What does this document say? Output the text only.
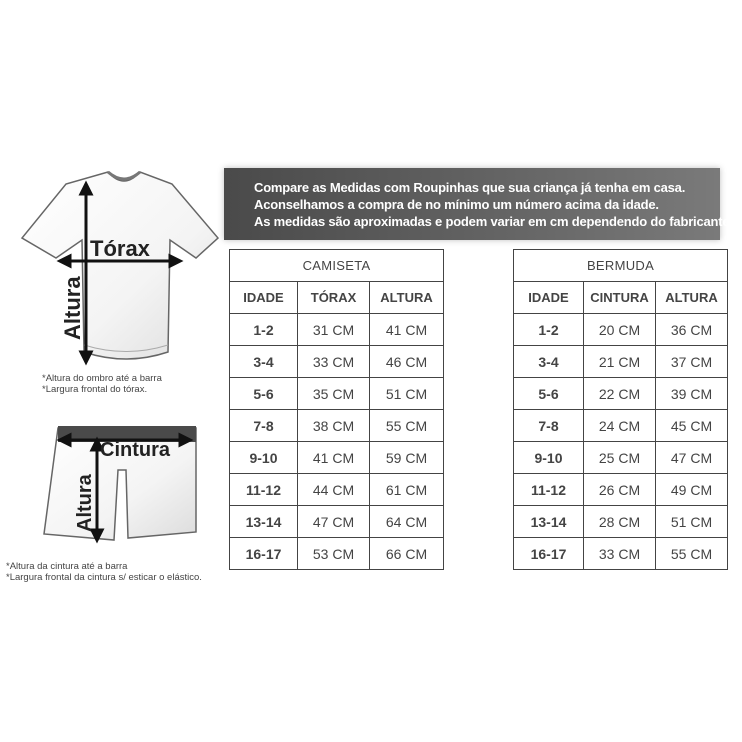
Tórax
Altura
*Altura do ombro até a barra
*Largura frontal do tórax.
Cintura
Altura
*Altura da cintura até a barra
*Largura frontal da cintura s/ esticar o elástico.

Compare as Medidas com Roupinhas que sua criança já tenha em casa.

Aconselhamos a compra de no mínimo um número acima da idade.

As medidas são aproximadas e podem variar em cm dependendo do fabricante.

CAMISETA		
IDADE	TÓRAX	ALTURA
1-2	31 CM	41 CM
3-4	33 CM	46 CM
5-6	35 CM	51 CM
7-8	38 CM	55 CM
9-10	41 CM	59 CM
11-12	44 CM	61 CM
13-14	47 CM	64 CM
16-17	53 CM	66 CM
BERMUDA		
IDADE	CINTURA	ALTURA
1-2	20 CM	36 CM
3-4	21 CM	37 CM
5-6	22 CM	39 CM
7-8	24 CM	45 CM
9-10	25 CM	47 CM
11-12	26 CM	49 CM
13-14	28 CM	51 CM
16-17	33 CM	55 CM
